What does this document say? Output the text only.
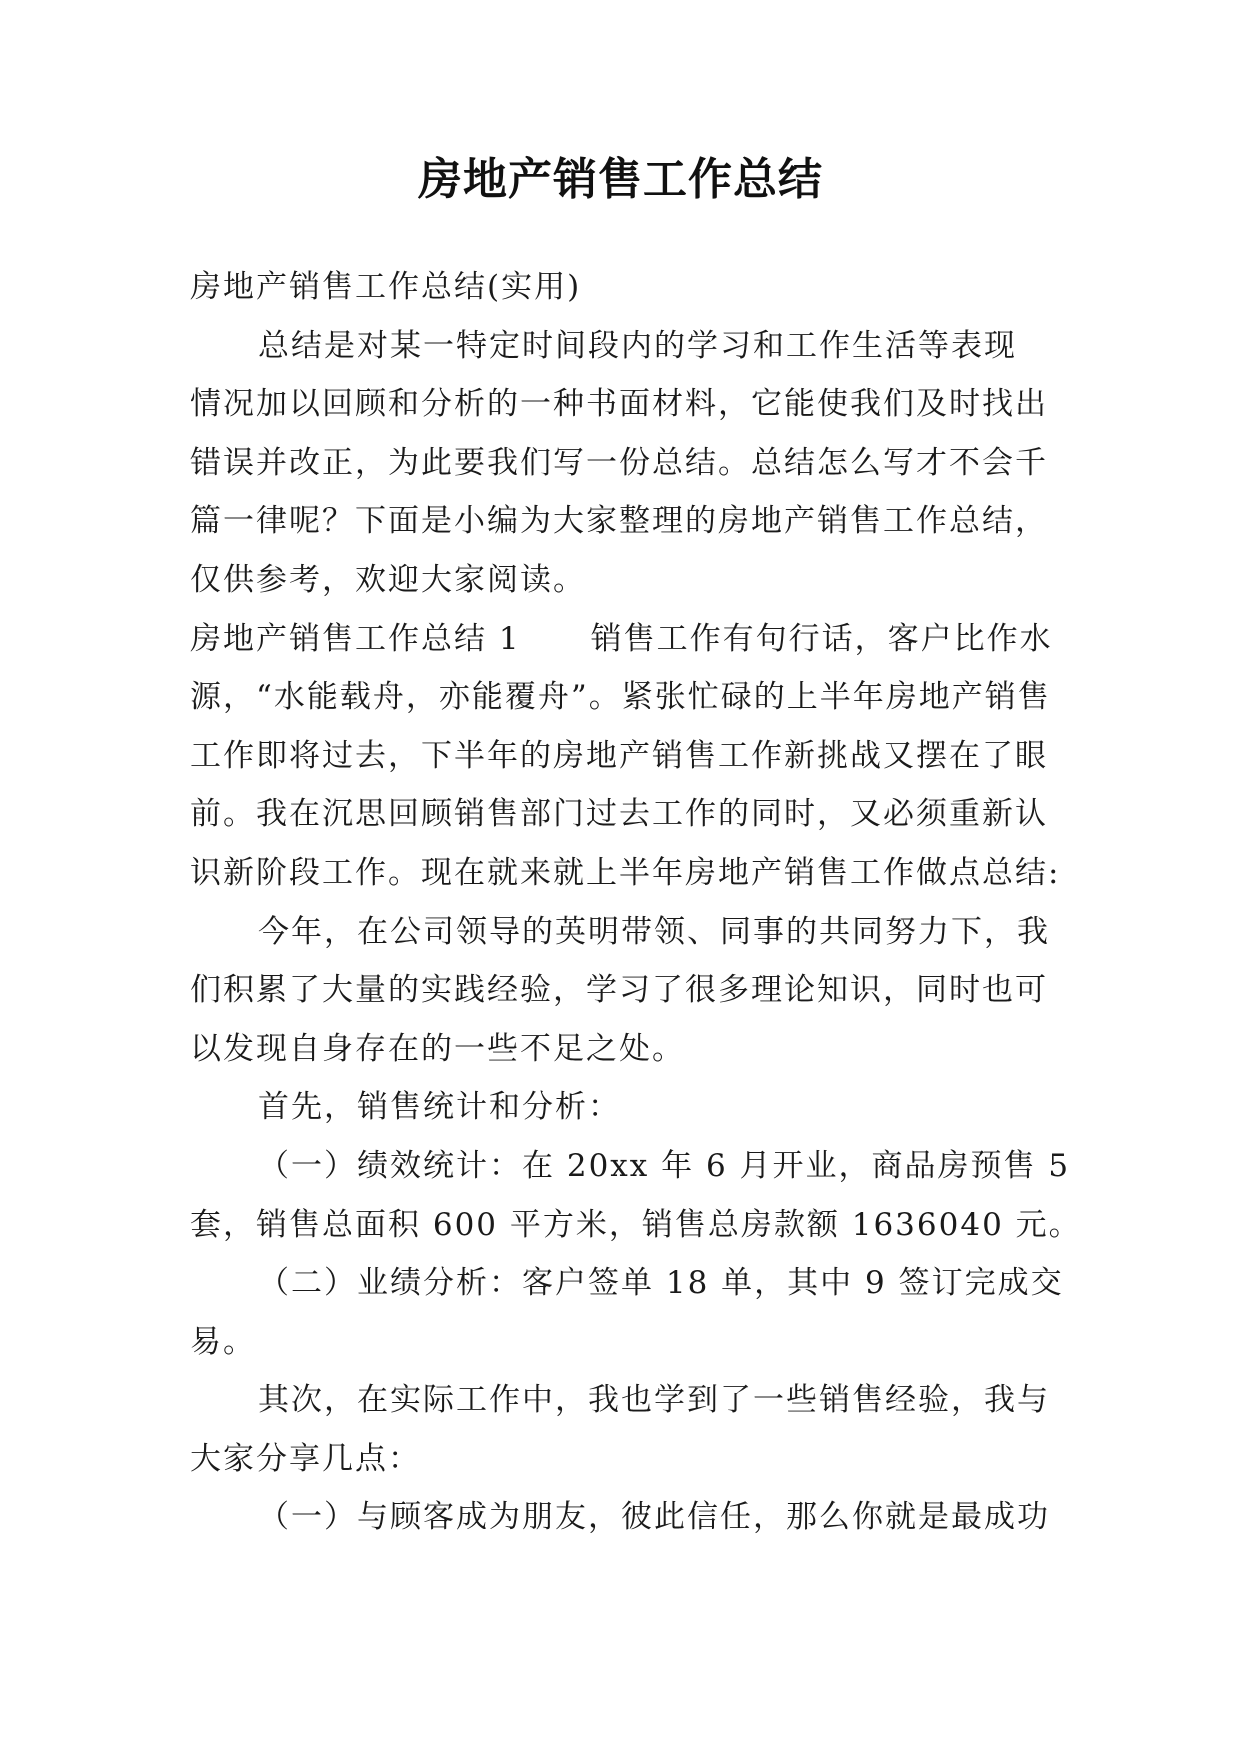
房地产销售工作总结
房地产销售工作总结(实用)
总结是对某一特定时间段内的学习和工作生活等表现
情况加以回顾和分析的一种书面材料，它能使我们及时找出
错误并改正，为此要我们写一份总结。总结怎么写才不会千
篇一律呢？下面是小编为大家整理的房地产销售工作总结，
仅供参考，欢迎大家阅读。
房地产销售工作总结 1 销售工作有句行话，客户比作水
源，“水能载舟，亦能覆舟”。紧张忙碌的上半年房地产销售
工作即将过去，下半年的房地产销售工作新挑战又摆在了眼
前。我在沉思回顾销售部门过去工作的同时，又必须重新认
识新阶段工作。现在就来就上半年房地产销售工作做点总结:
今年，在公司领导的英明带领、同事的共同努力下，我
们积累了大量的实践经验，学习了很多理论知识，同时也可
以发现自身存在的一些不足之处。
首先，销售统计和分析：
（一）绩效统计：在 20xx 年 6 月开业，商品房预售 5
套，销售总面积 600 平方米，销售总房款额 1636040 元。
（二）业绩分析：客户签单 18 单，其中 9 签订完成交
易。
其次，在实际工作中，我也学到了一些销售经验，我与
大家分享几点：
（一）与顾客成为朋友，彼此信任，那么你就是最成功
